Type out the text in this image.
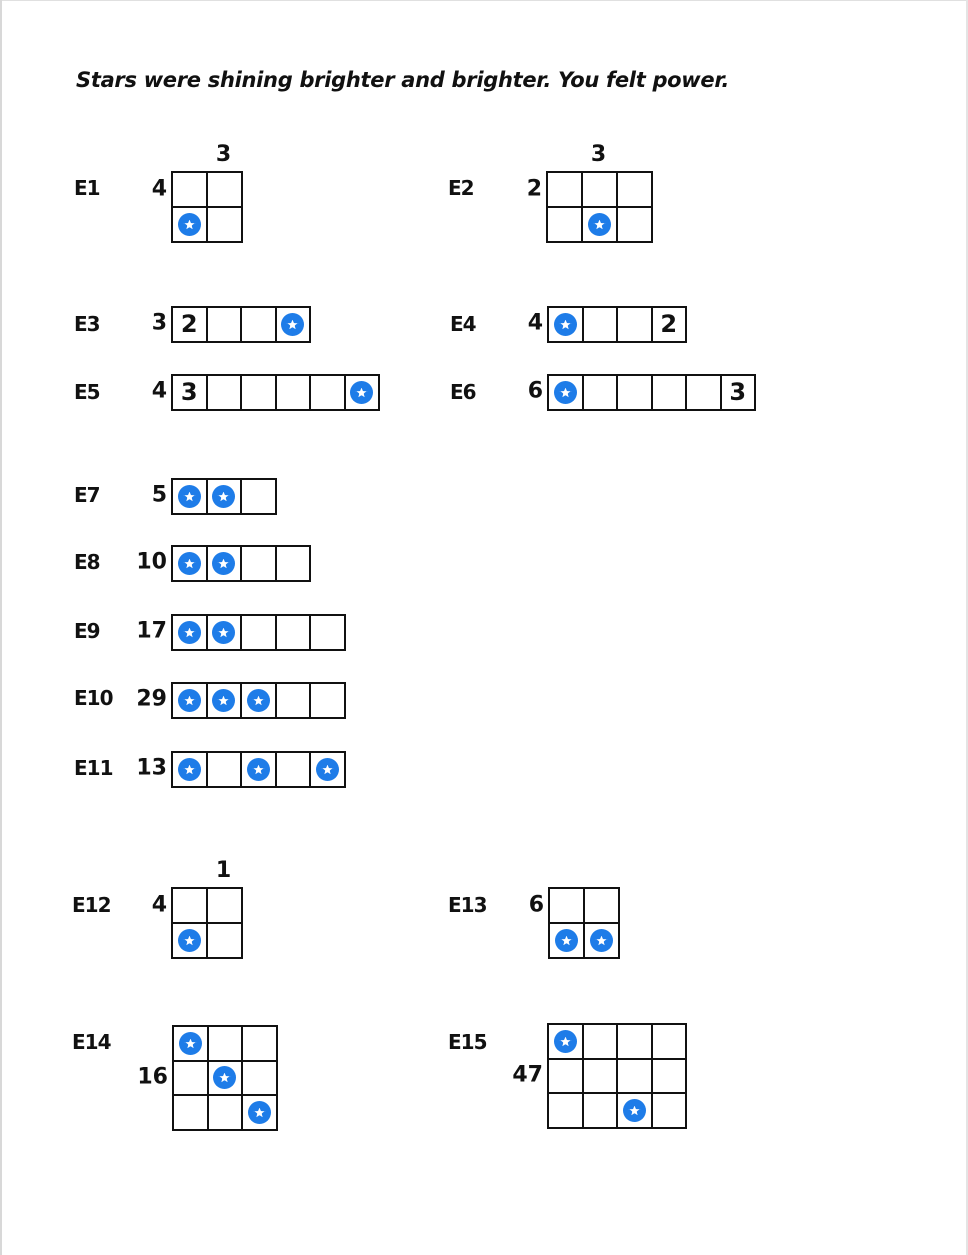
Stars were shining brighter and brighter. You felt power.
E1 4
3
E2 2
3
E3 3 2	E4 4	2
E5 4 3	E6 6	3
E7 5
E8 10
E9 17
E10 29
E11 13
E12 4
1
E13 6
E14
16
E15
47
